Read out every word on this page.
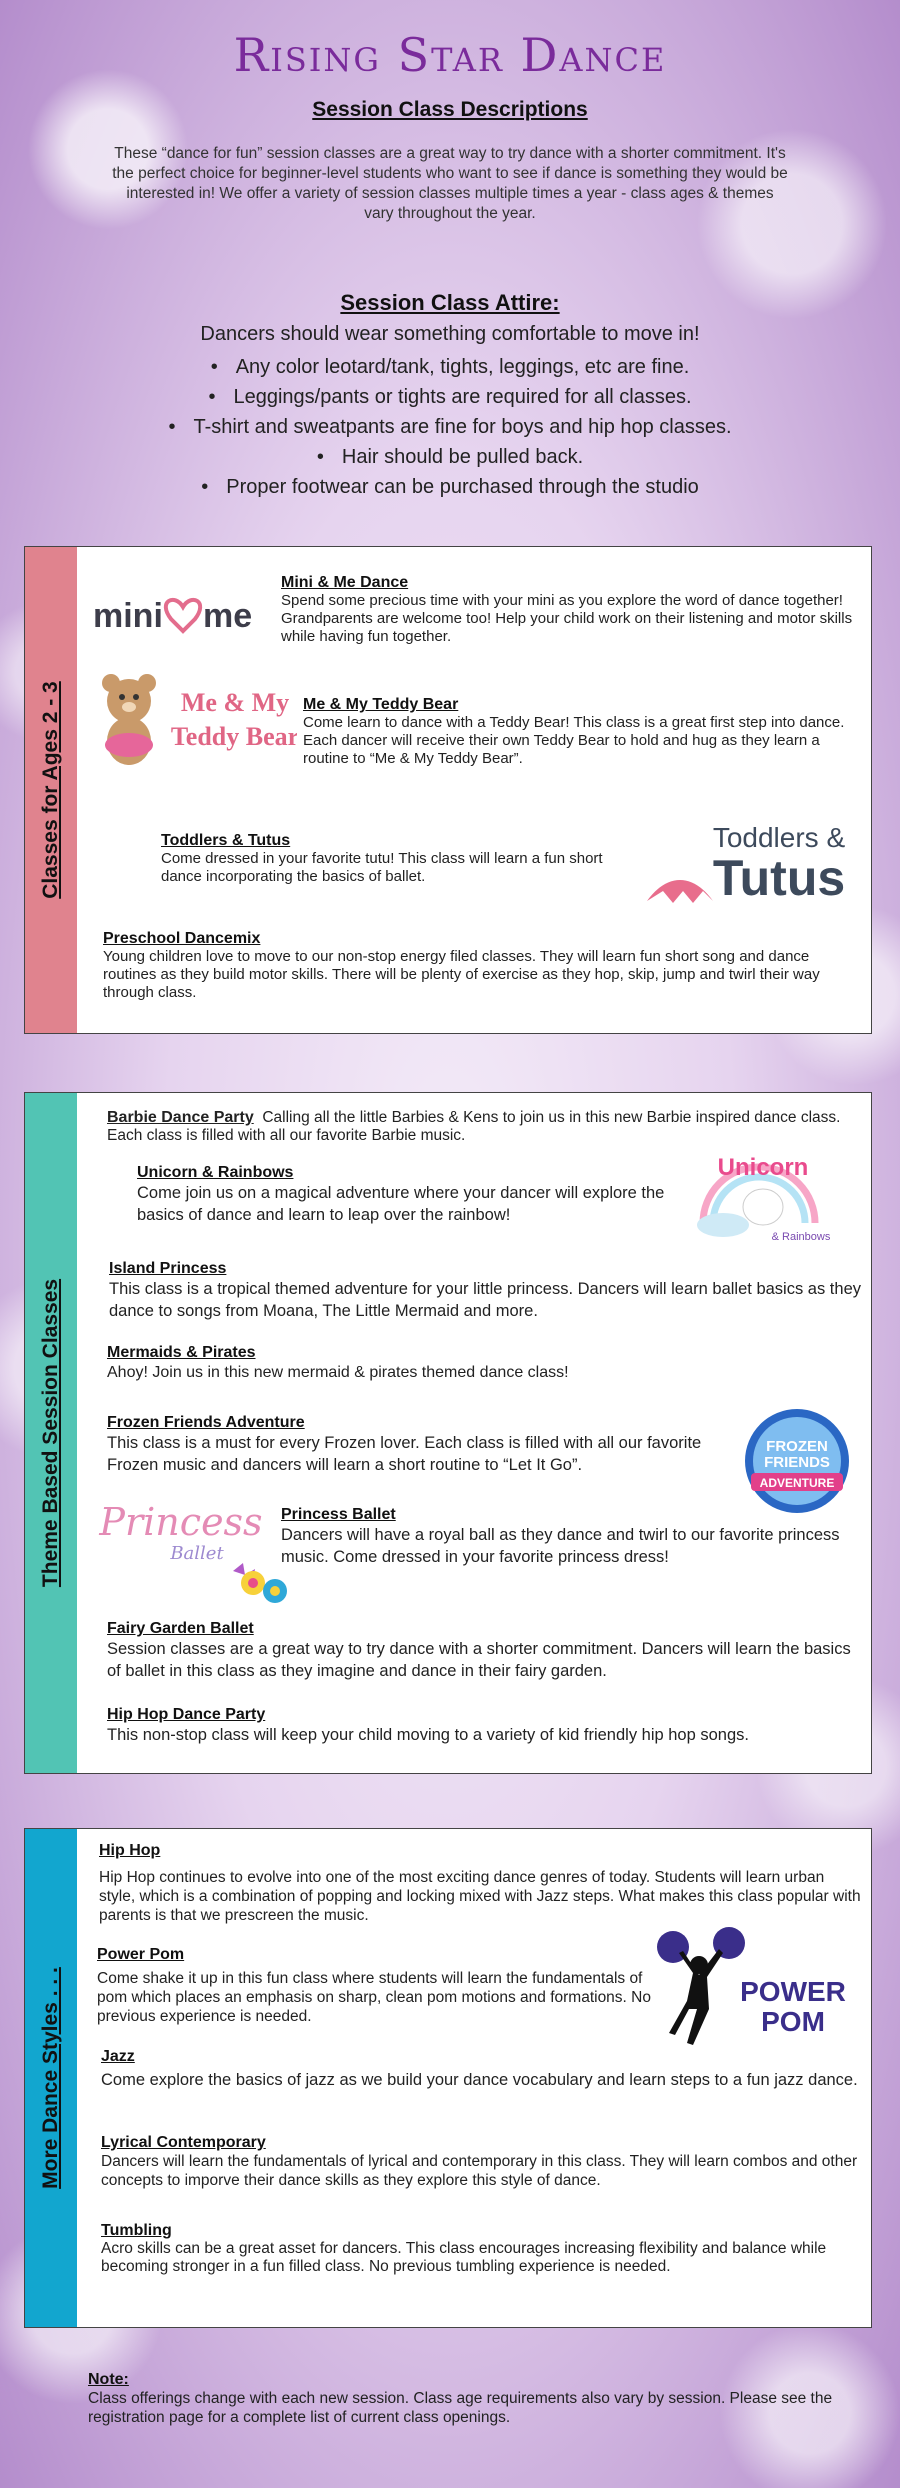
Rising Star Dance
Session Class Descriptions

These “dance for fun” session classes are a great way to try dance with a shorter commitment. It's the perfect choice for beginner-level students who want to see if dance is something they would be interested in! We offer a variety of session classes multiple times a year - class ages & themes vary throughout the year.

Session Class Attire:
Dancers should wear something comfortable to move in!
• Any color leotard/tank, tights, leggings, etc are fine.
• Leggings/pants or tights are required for all classes.
• T-shirt and sweatpants are fine for boys and hip hop classes.
• Hair should be pulled back.
• Proper footwear can be purchased through the studio
Classes for Ages 2 - 3
mini me
Mini & Me Dance

Spend some precious time with your mini as you explore the word of dance together! Grandparents are welcome too! Help your child work on their listening and motor skills while having fun together.

Me & My
Teddy Bear
Me & My Teddy Bear

Come learn to dance with a Teddy Bear! This class is a great first step into dance. Each dancer will receive their own Teddy Bear to hold and hug as they learn a routine to “Me & My Teddy Bear”.

Toddlers & Tutus

Come dressed in your favorite tutu! This class will learn a fun short dance incorporating the basics of ballet.

Toddlers &
Tutus
Preschool Dancemix

Young children love to move to our non-stop energy filed classes. They will learn fun short song and dance routines as they build motor skills. There will be plenty of exercise as they hop, skip, jump and twirl their way through class.

Theme Based Session Classes

Barbie Dance Party Calling all the little Barbies & Kens to join us in this new Barbie inspired dance class. Each class is filled with all our favorite Barbie music.

Unicorn & Rainbows

Come join us on a magical adventure where your dancer will explore the basics of dance and learn to leap over the rainbow!

Unicorn
& Rainbows
Island Princess

This class is a tropical themed adventure for your little princess. Dancers will learn ballet basics as they dance to songs from Moana, The Little Mermaid and more.

Mermaids & Pirates

Ahoy! Join us in this new mermaid & pirates themed dance class!

Frozen Friends Adventure

This class is a must for every Frozen lover. Each class is filled with all our favorite Frozen music and dancers will learn a short routine to “Let It Go”.

FROZEN
FRIENDS
ADVENTURE
Princess
Ballet
Princess Ballet

Dancers will have a royal ball as they dance and twirl to our favorite princess music. Come dressed in your favorite princess dress!

Fairy Garden Ballet

Session classes are a great way to try dance with a shorter commitment. Dancers will learn the basics of ballet in this class as they imagine and dance in their fairy garden.

Hip Hop Dance Party

This non-stop class will keep your child moving to a variety of kid friendly hip hop songs.

More Dance Styles . . .
Hip Hop

Hip Hop continues to evolve into one of the most exciting dance genres of today. Students will learn urban style, which is a combination of popping and locking mixed with Jazz steps. What makes this class popular with parents is that we prescreen the music.

Power Pom

Come shake it up in this fun class where students will learn the fundamentals of pom which places an emphasis on sharp, clean pom motions and formations. No previous experience is needed.

POWER
POM
Jazz

Come explore the basics of jazz as we build your dance vocabulary and learn steps to a fun jazz dance.

Lyrical Contemporary

Dancers will learn the fundamentals of lyrical and contemporary in this class. They will learn combos and other concepts to imporve their dance skills as they explore this style of dance.

Tumbling

Acro skills can be a great asset for dancers. This class encourages increasing flexibility and balance while becoming stronger in a fun filled class. No previous tumbling experience is needed.

Note:

Class offerings change with each new session. Class age requirements also vary by session. Please see the registration page for a complete list of current class openings.
